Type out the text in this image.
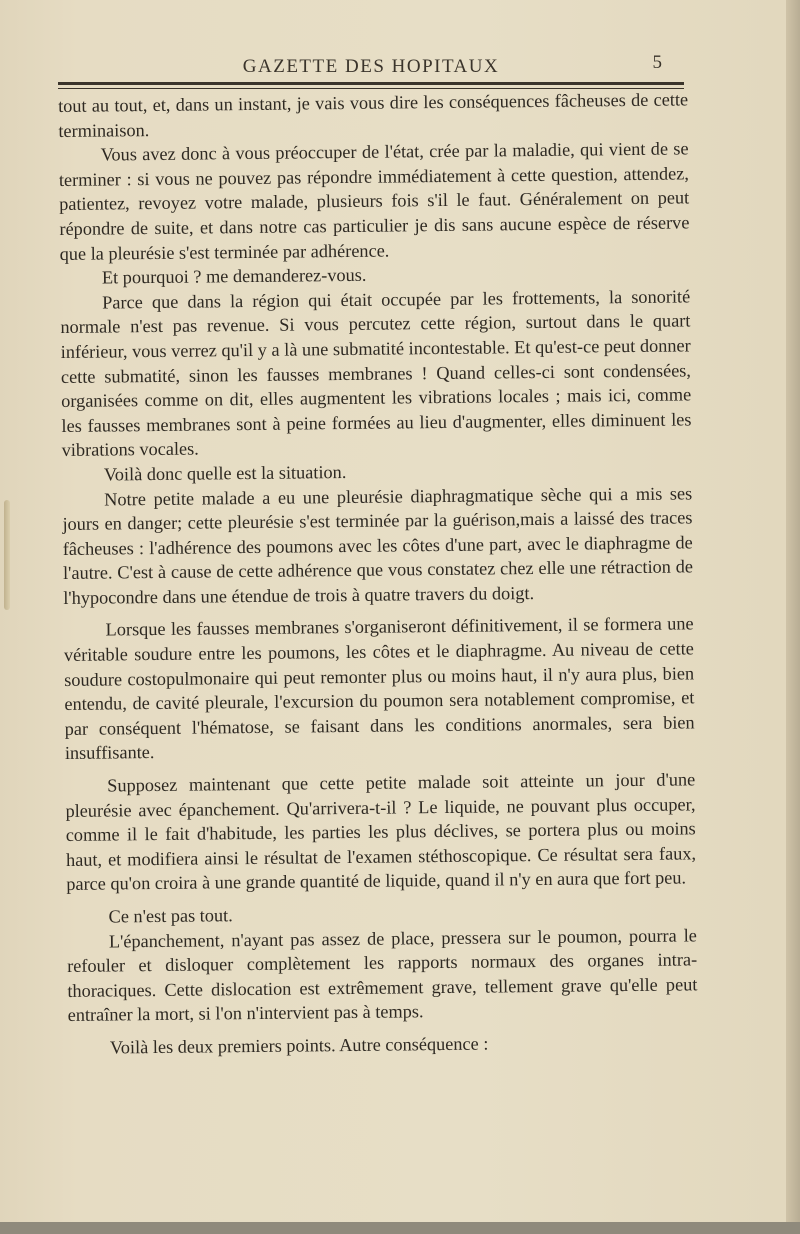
GAZETTE DES HOPITAUX	5

tout au tout, et, dans un instant, je vais vous dire les conséquences fâcheuses de cette terminaison.

Vous avez donc à vous préoccuper de l'état, crée par la maladie, qui vient de se terminer : si vous ne pouvez pas répondre immédiatement à cette question, attendez, patientez, revoyez votre malade, plusieurs fois s'il le faut. Généralement on peut répondre de suite, et dans notre cas particulier je dis sans aucune espèce de réserve que la pleurésie s'est terminée par adhérence.

Et pourquoi ? me demanderez-vous.

Parce que dans la région qui était occupée par les frottements, la sonorité normale n'est pas revenue. Si vous percutez cette région, surtout dans le quart inférieur, vous verrez qu'il y a là une submatité incontestable. Et qu'est-ce peut donner cette submatité, sinon les fausses membranes ! Quand celles-ci sont condensées, organisées comme on dit, elles augmentent les vibrations locales ; mais ici, comme les fausses membranes sont à peine formées au lieu d'augmenter, elles diminuent les vibrations vocales.

Voilà donc quelle est la situation.

Notre petite malade a eu une pleurésie diaphragmatique sèche qui a mis ses jours en danger; cette pleurésie s'est terminée par la guérison,mais a laissé des traces fâcheuses : l'adhérence des poumons avec les côtes d'une part, avec le diaphragme de l'autre. C'est à cause de cette adhérence que vous constatez chez elle une rétraction de l'hypocondre dans une étendue de trois à quatre travers du doigt.

Lorsque les fausses membranes s'organiseront définitivement, il se formera une véritable soudure entre les poumons, les côtes et le diaphragme. Au niveau de cette soudure costopulmonaire qui peut remonter plus ou moins haut, il n'y aura plus, bien entendu, de cavité pleurale, l'excursion du poumon sera notablement compromise, et par conséquent l'hématose, se faisant dans les conditions anormales, sera bien insuffisante.

Supposez maintenant que cette petite malade soit atteinte un jour d'une pleurésie avec épanchement. Qu'arrivera-t-il ? Le liquide, ne pouvant plus occuper, comme il le fait d'habitude, les parties les plus déclives, se portera plus ou moins haut, et modifiera ainsi le résultat de l'examen stéthoscopique. Ce résultat sera faux, parce qu'on croira à une grande quantité de liquide, quand il n'y en aura que fort peu.

Ce n'est pas tout.

L'épanchement, n'ayant pas assez de place, pressera sur le poumon, pourra le refouler et disloquer complètement les rapports normaux des organes intra-thoraciques. Cette dislocation est extrêmement grave, tellement grave qu'elle peut entraîner la mort, si l'on n'intervient pas à temps.

Voilà les deux premiers points. Autre conséquence :
